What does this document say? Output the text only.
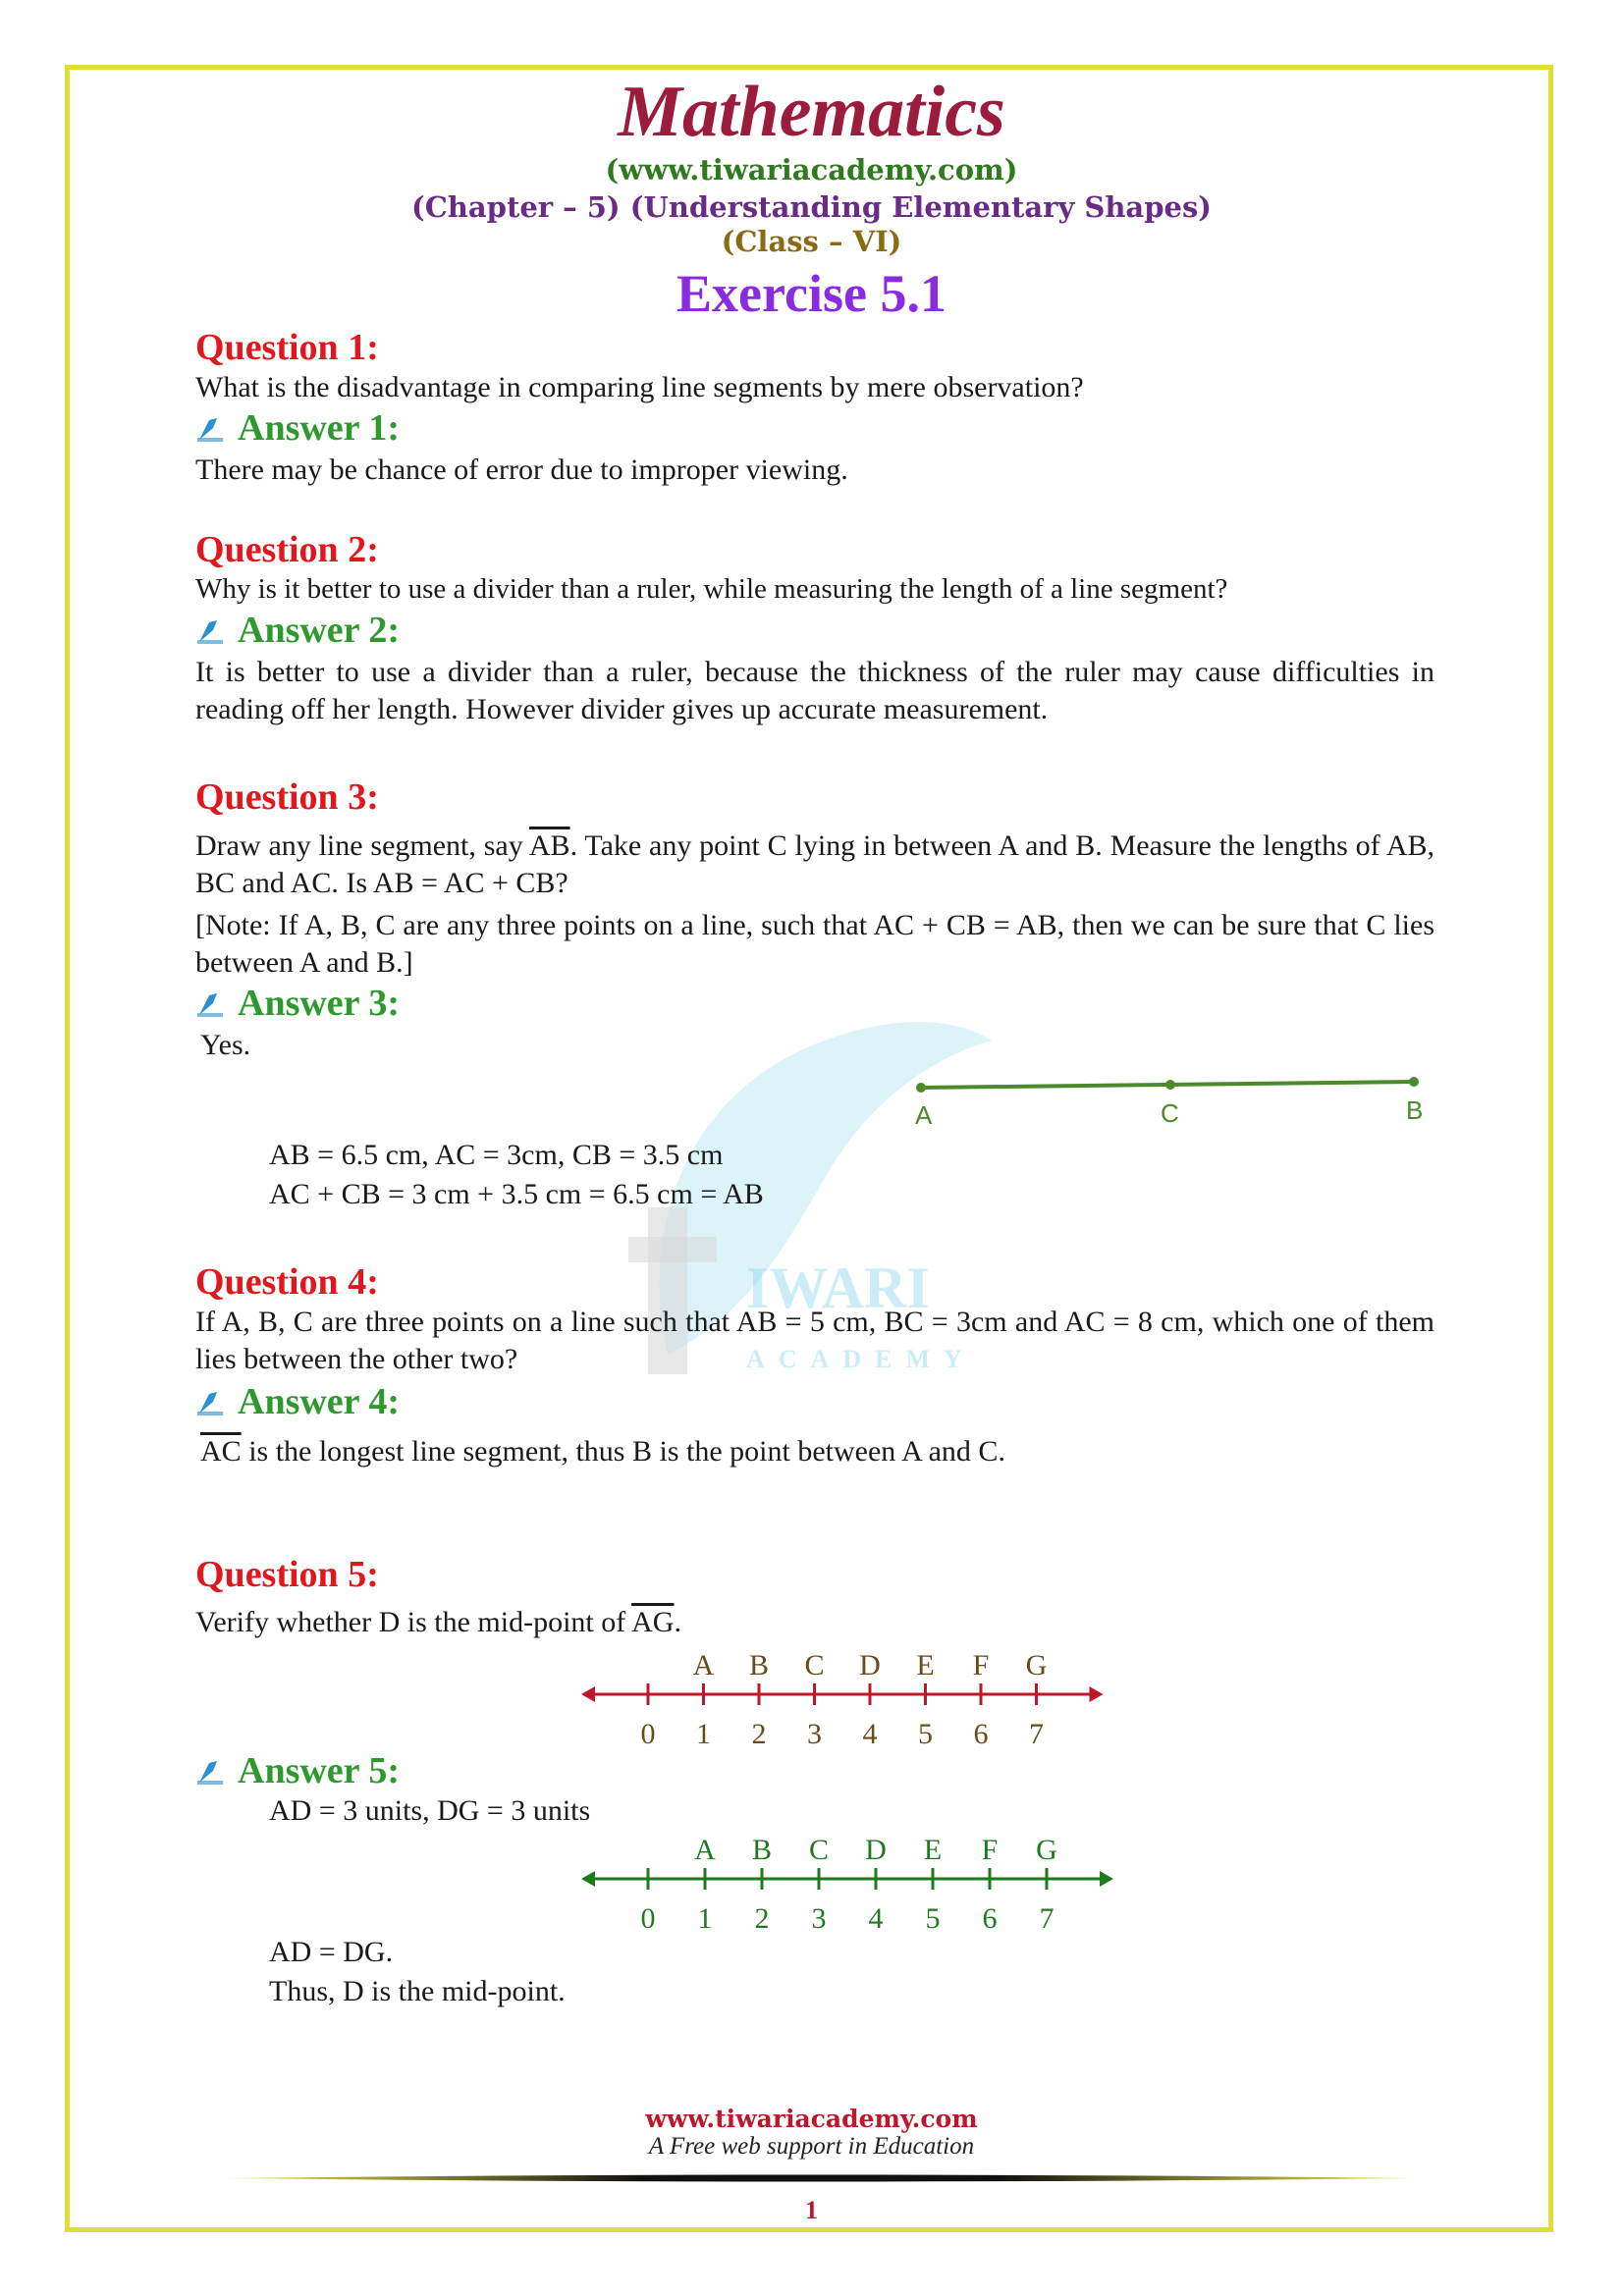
IWARI
ACADEMY
Mathematics
(www.tiwariacademy.com)
(Chapter – 5) (Understanding Elementary Shapes)
(Class – VI)
Exercise 5.1
Question 1:
What is the disadvantage in comparing line segments by mere observation?
Answer 1:
There may be chance of error due to improper viewing.
Question 2:
Why is it better to use a divider than a ruler, while measuring the length of a line segment?
Answer 2:
It is better to use a divider than a ruler, because the thickness of the ruler may cause difficulties in reading off her length. However divider gives up accurate measurement.
Question 3:
Draw any line segment, say $\overline{AB}$. Take any point C lying in between A and B. Measure the lengths of AB, BC and AC. Is AB = AC + CB?
[Note: If A, B, C are any three points on a line, such that AC + CB = AB, then we can be sure that C lies between A and B.]
Answer 3:
Yes.
A	C	B
AB = 6.5 cm, AC = 3cm, CB = 3.5 cm
AC + CB = 3 cm + 3.5 cm = 6.5 cm = AB
Question 4:
If A, B, C are three points on a line such that AB = 5 cm, BC = 3cm and AC = 8 cm, which one of them lies between the other two?
Answer 4:
$\overline{AC}$ is the longest line segment, thus B is the point between A and C.
Question 5:
Verify whether D is the mid-point of $\overline{AG}$.
0 1
A
2
B
3
C
4
D
5
E
6
F
7
G
Answer 5:
AD = 3 units, DG = 3 units
0 1
A
2
B
3
C
4
D
5
E
6
F
7
G
AD = DG.
Thus, D is the mid-point.
www.tiwariacademy.com
A Free web support in Education
1
